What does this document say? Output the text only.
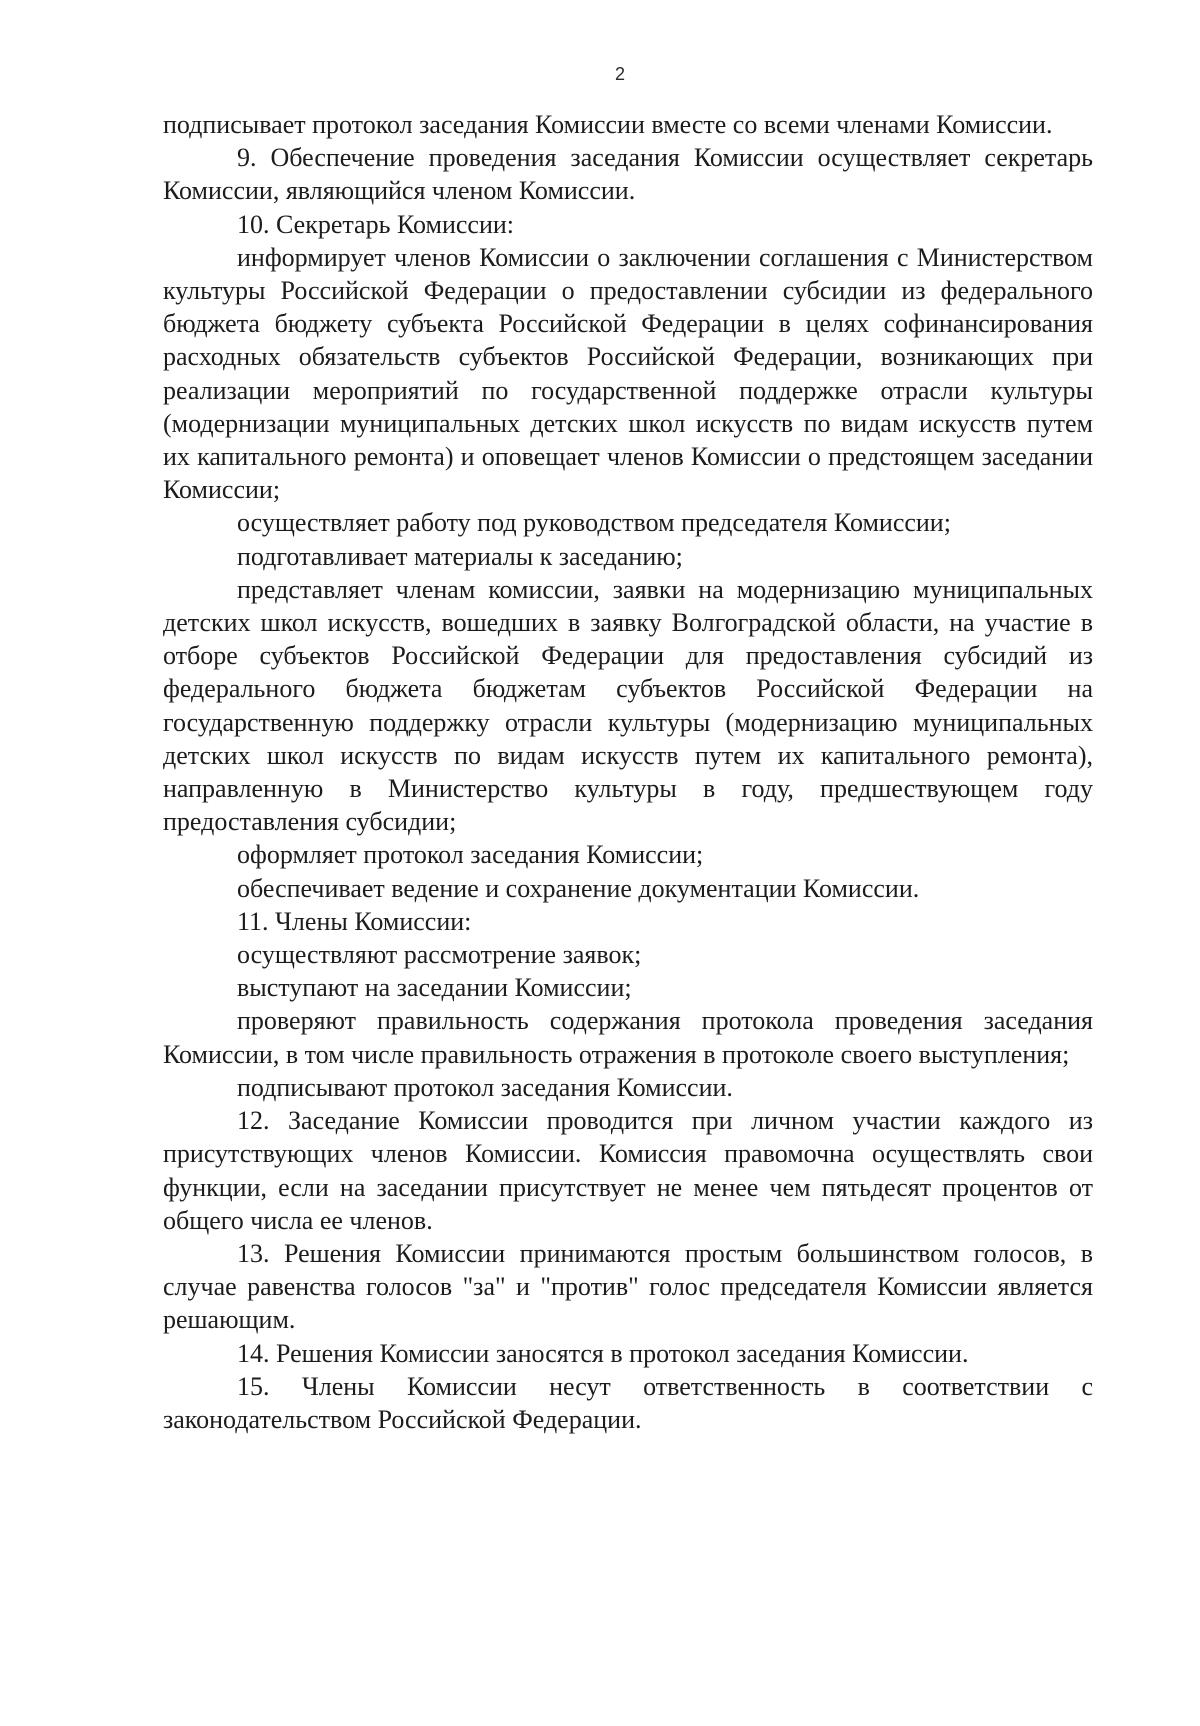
2

подписывает протокол заседания Комиссии вместе со всеми членами Комиссии.

9. Обеспечение проведения заседания Комиссии осуществляет секретарь Комиссии, являющийся членом Комиссии.

10. Секретарь Комиссии:

информирует членов Комиссии о заключении соглашения с Министерством культуры Российской Федерации о предоставлении субсидии из федерального бюджета бюджету субъекта Российской Федерации в целях софинансирования расходных обязательств субъектов Российской Федерации, возникающих при реализации мероприятий по государственной поддержке отрасли культуры (модернизации муниципальных детских школ искусств по видам искусств путем их капитального ремонта) и оповещает членов Комиссии о предстоящем заседании Комиссии;

осуществляет работу под руководством председателя Комиссии;

подготавливает материалы к заседанию;

представляет членам комиссии, заявки на модернизацию муниципальных детских школ искусств, вошедших в заявку Волгоградской области, на участие в отборе субъектов Российской Федерации для предоставления субсидий из федерального бюджета бюджетам субъектов Российской Федерации на государственную поддержку отрасли культуры (модернизацию муниципальных детских школ искусств по видам искусств путем их капитального ремонта), направленную в Министерство культуры в году, предшествующем году предоставления субсидии;

оформляет протокол заседания Комиссии;

обеспечивает ведение и сохранение документации Комиссии.

11. Члены Комиссии:

осуществляют рассмотрение заявок;

выступают на заседании Комиссии;

проверяют правильность содержания протокола проведения заседания Комиссии, в том числе правильность отражения в протоколе своего выступления;

подписывают протокол заседания Комиссии.

12. Заседание Комиссии проводится при личном участии каждого из присутствующих членов Комиссии. Комиссия правомочна осуществлять свои функции, если на заседании присутствует не менее чем пятьдесят процентов от общего числа ее членов.

13. Решения Комиссии принимаются простым большинством голосов, в случае равенства голосов "за" и "против" голос председателя Комиссии является решающим.

14. Решения Комиссии заносятся в протокол заседания Комиссии.

15. Члены Комиссии несут ответственность в соответствии с законодательством Российской Федерации.
